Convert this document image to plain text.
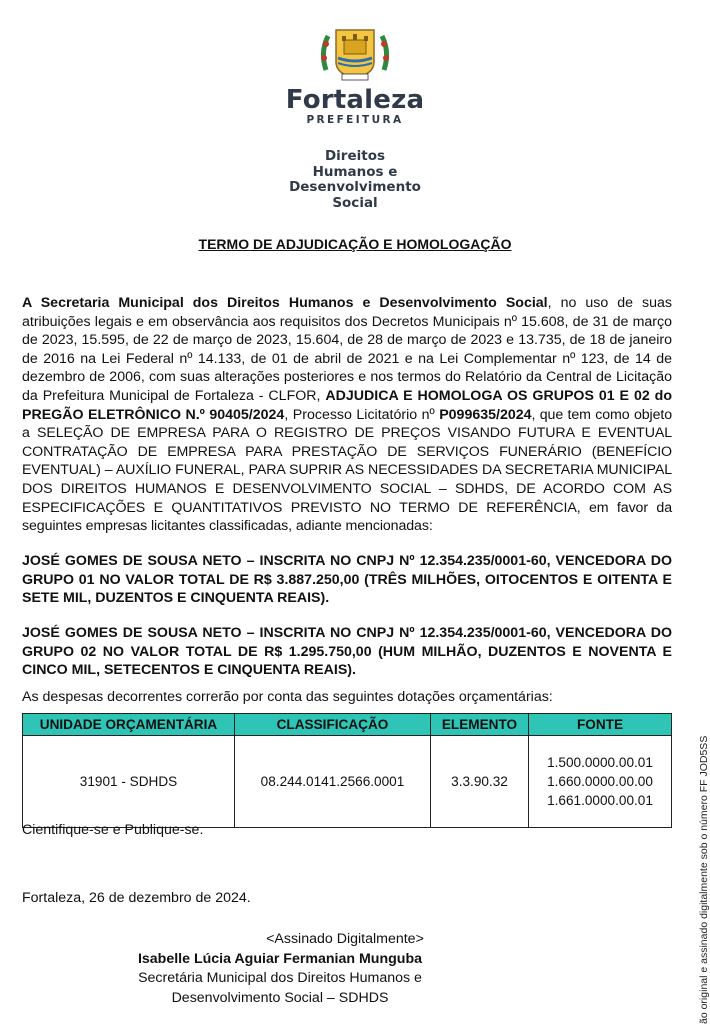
Fortaleza
PREFEITURA
Direitos
Humanos e
Desenvolvimento
Social
TERMO DE ADJUDICAÇÃO E HOMOLOGAÇÃO
A Secretaria Municipal dos Direitos Humanos e Desenvolvimento Social, no uso de suas atribuições legais e em observância aos requisitos dos Decretos Municipais nº 15.608, de 31 de março de 2023, 15.595, de 22 de março de 2023, 15.604, de 28 de março de 2023 e 13.735, de 18 de janeiro de 2016 na Lei Federal nº 14.133, de 01 de abril de 2021 e na Lei Complementar nº 123, de 14 de dezembro de 2006, com suas alterações posteriores e nos termos do Relatório da Central de Licitação da Prefeitura Municipal de Fortaleza - CLFOR, ADJUDICA E HOMOLOGA OS GRUPOS 01 E 02 do PREGÃO ELETRÔNICO N.º 90405/2024, Processo Licitatório nº P099635/2024, que tem como objeto a SELEÇÃO DE EMPRESA PARA O REGISTRO DE PREÇOS VISANDO FUTURA E EVENTUAL CONTRATAÇÃO DE EMPRESA PARA PRESTAÇÃO DE SERVIÇOS FUNERÁRIO (BENEFÍCIO EVENTUAL) – AUXÍLIO FUNERAL, PARA SUPRIR AS NECESSIDADES DA SECRETARIA MUNICIPAL DOS DIREITOS HUMANOS E DESENVOLVIMENTO SOCIAL – SDHDS, DE ACORDO COM AS ESPECIFICAÇÕES E QUANTITATIVOS PREVISTO NO TERMO DE REFERÊNCIA, em favor da seguintes empresas licitantes classificadas, adiante mencionadas:
JOSÉ GOMES DE SOUSA NETO – INSCRITA NO CNPJ Nº 12.354.235/0001-60, VENCEDORA DO GRUPO 01 NO VALOR TOTAL DE R$ 3.887.250,00 (TRÊS MILHÕES, OITOCENTOS E OITENTA E SETE MIL, DUZENTOS E CINQUENTA REAIS).
JOSÉ GOMES DE SOUSA NETO – INSCRITA NO CNPJ Nº 12.354.235/0001-60, VENCEDORA DO GRUPO 02 NO VALOR TOTAL DE R$ 1.295.750,00 (HUM MILHÃO, DUZENTOS E NOVENTA E CINCO MIL, SETECENTOS E CINQUENTA REAIS).
As despesas decorrentes correrão por conta das seguintes dotações orçamentárias:
UNIDADE ORÇAMENTÁRIA	CLASSIFICAÇÃO	ELEMENTO	FONTE
31901 - SDHDS	08.244.0141.2566.0001	3.3.90.32	1.500.0000.00.01
1.660.0000.00.00
1.661.0000.00.01
Cientifique-se e Publique-se.
Fortaleza, 26 de dezembro de 2024.
<Assinado Digitalmente>
Isabelle Lúcia Aguiar Fermanian Munguba
Secretária Municipal dos Direitos Humanos e
Desenvolvimento Social – SDHDS	ão original e assinado digitalmente sob o número FF JOD5SS
